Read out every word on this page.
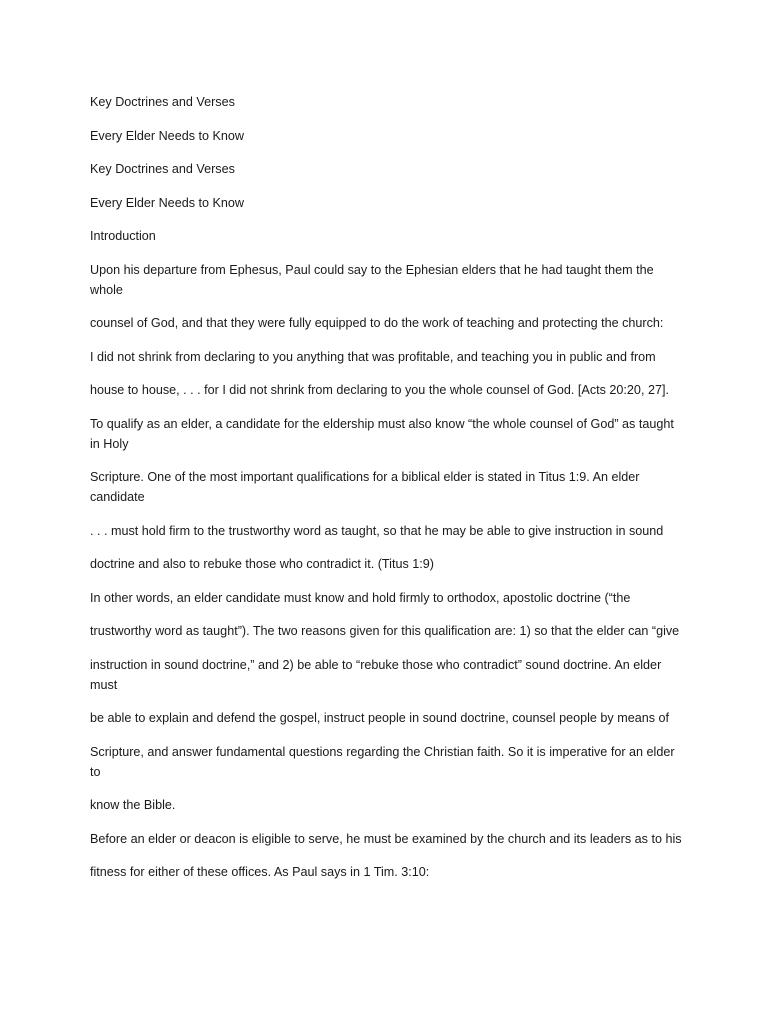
Key Doctrines and Verses

Every Elder Needs to Know

Key Doctrines and Verses

Every Elder Needs to Know

Introduction

Upon his departure from Ephesus, Paul could say to the Ephesian elders that he had taught them the whole

counsel of God, and that they were fully equipped to do the work of teaching and protecting the church:

I did not shrink from declaring to you anything that was profitable, and teaching you in public and from

house to house, . . . for I did not shrink from declaring to you the whole counsel of God. [Acts 20:20, 27].

To qualify as an elder, a candidate for the eldership must also know “the whole counsel of God” as taught in Holy

Scripture. One of the most important qualifications for a biblical elder is stated in Titus 1:9. An elder candidate

. . . must hold firm to the trustworthy word as taught, so that he may be able to give instruction in sound

doctrine and also to rebuke those who contradict it. (Titus 1:9)

In other words, an elder candidate must know and hold firmly to orthodox, apostolic doctrine (“the

trustworthy word as taught”). The two reasons given for this qualification are: 1) so that the elder can “give

instruction in sound doctrine,” and 2) be able to “rebuke those who contradict” sound doctrine. An elder must

be able to explain and defend the gospel, instruct people in sound doctrine, counsel people by means of

Scripture, and answer fundamental questions regarding the Christian faith. So it is imperative for an elder to

know the Bible.

Before an elder or deacon is eligible to serve, he must be examined by the church and its leaders as to his

fitness for either of these offices. As Paul says in 1 Tim. 3:10:
